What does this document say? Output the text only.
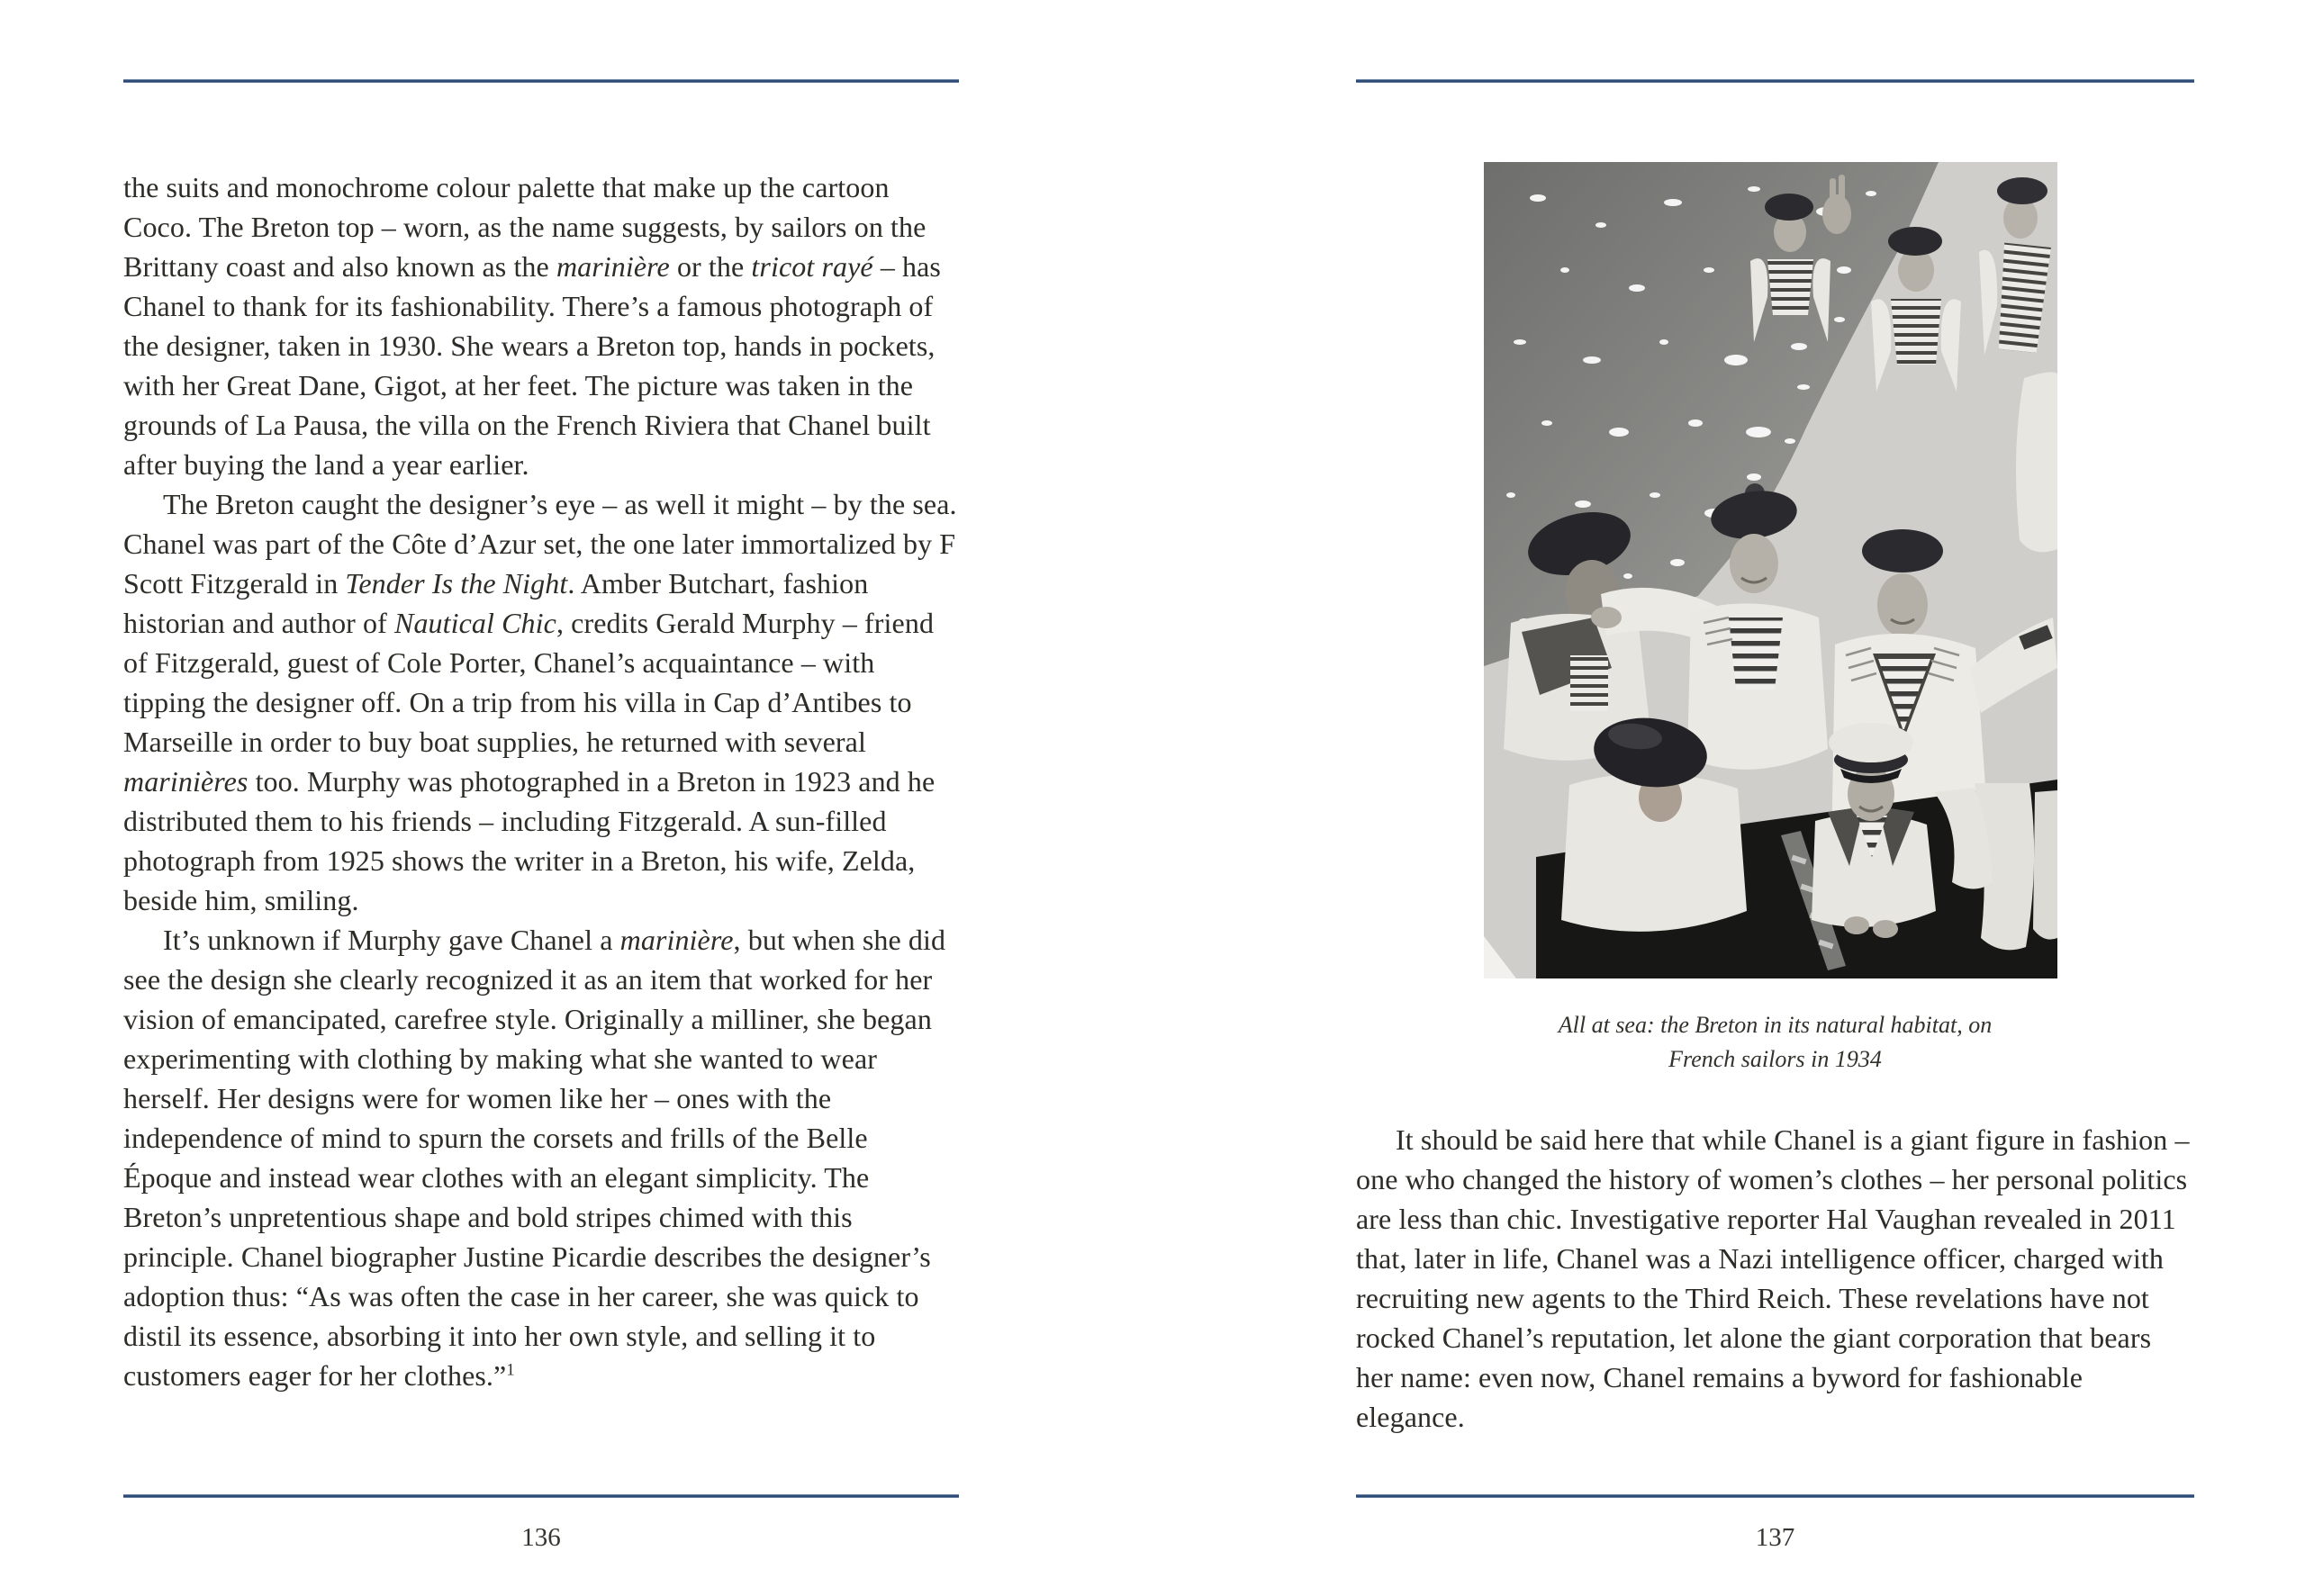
the suits and monochrome colour palette that make up the cartoon Coco. The Breton top – worn, as the name suggests, by sailors on the Brittany coast and also known as the marinière or the tricot rayé – has Chanel to thank for its fashionability. There’s a famous photograph of the designer, taken in 1930. She wears a Breton top, hands in pockets, with her Great Dane, Gigot, at her feet. The picture was taken in the grounds of La Pausa, the villa on the French Riviera that Chanel built after buying the land a year earlier.

The Breton caught the designer’s eye – as well it might – by the sea. Chanel was part of the Côte d’Azur set, the one later immortalized by F Scott Fitzgerald in Tender Is the Night. Amber Butchart, fashion historian and author of Nautical Chic, credits Gerald Murphy – friend of Fitzgerald, guest of Cole Porter, Chanel’s acquaintance – with tipping the designer off. On a trip from his villa in Cap d’Antibes to Marseille in order to buy boat supplies, he returned with several marinières too. Murphy was photographed in a Breton in 1923 and he distributed them to his friends – including Fitzgerald. A sun-filled photograph from 1925 shows the writer in a Breton, his wife, Zelda, beside him, smiling.

It’s unknown if Murphy gave Chanel a marinière, but when she did see the design she clearly recognized it as an item that worked for her vision of emancipated, carefree style. Originally a milliner, she began experimenting with clothing by making what she wanted to wear herself. Her designs were for women like her – ones with the independence of mind to spurn the corsets and frills of the Belle Époque and instead wear clothes with an elegant simplicity. The Breton’s unpretentious shape and bold stripes chimed with this principle. Chanel biographer Justine Picardie describes the designer’s adoption thus: “As was often the case in her career, she was quick to distil its essence, absorbing it into her own style, and selling it to customers eager for her clothes.”$^1$

All at sea: the Breton in its natural habitat, on
French sailors in 1934

It should be said here that while Chanel is a giant figure in fashion – one who changed the history of women’s clothes – her personal politics are less than chic. Investigative reporter Hal Vaughan revealed in 2011 that, later in life, Chanel was a Nazi intelligence officer, charged with recruiting new agents to the Third Reich. These revelations have not rocked Chanel’s reputation, let alone the giant corporation that bears her name: even now, Chanel remains a byword for fashionable elegance.

136	137
